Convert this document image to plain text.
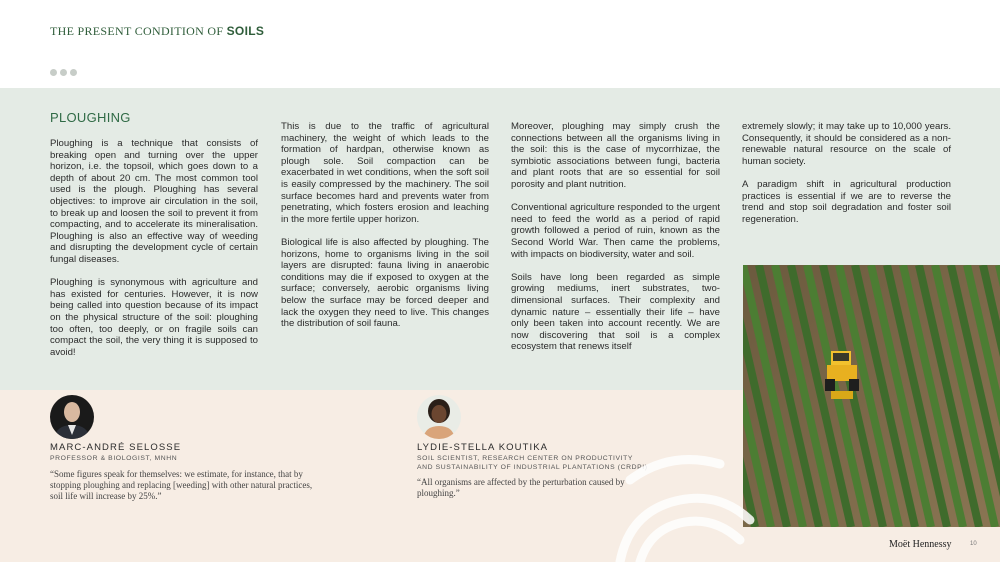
THE PRESENT CONDITION OF SOILS
PLOUGHING

Ploughing is a technique that consists of breaking open and turning over the upper horizon, i.e. the topsoil, which goes down to a depth of about 20 cm. The most common tool used is the plough. Ploughing has several objectives: to improve air circulation in the soil, to break up and loosen the soil to prevent it from compacting, and to accelerate its mineralisation. Ploughing is also an effective way of weeding and disrupting the development cycle of certain fungal diseases.

Ploughing is synonymous with agriculture and has existed for centuries. However, it is now being called into question because of its impact on the physical structure of the soil: ploughing too often, too deeply, or on fragile soils can compact the soil, the very thing it is supposed to avoid!

This is due to the traffic of agricultural machinery, the weight of which leads to the formation of hardpan, otherwise known as plough sole. Soil compaction can be exacerbated in wet conditions, when the soft soil is easily compressed by the machinery. The soil surface becomes hard and prevents water from penetrating, which fosters erosion and leaching in the more fertile upper horizon.

Biological life is also affected by ploughing. The horizons, home to organisms living in the soil layers are disrupted: fauna living in anaerobic conditions may die if exposed to oxygen at the surface; conversely, aerobic organisms living below the surface may be forced deeper and lack the oxygen they need to live. This changes the distribution of soil fauna.

Moreover, ploughing may simply crush the connections between all the organisms living in the soil: this is the case of mycorrhizae, the symbiotic associations between fungi, bacteria and plant roots that are so essential for soil porosity and plant nutrition.

Conventional agriculture responded to the urgent need to feed the world as a period of rapid growth followed a period of ruin, known as the Second World War. Then came the problems, with impacts on biodiversity, water and soil.

Soils have long been regarded as simple growing mediums, inert substrates, two-dimensional surfaces. Their complexity and dynamic nature – essentially their life – have only been taken into account recently. We are now discovering that soil is a complex ecosystem that renews itself

extremely slowly; it may take up to 10,000 years. Consequently, it should be considered as a non-renewable natural resource on the scale of human society.

A paradigm shift in agricultural production practices is essential if we are to reverse the trend and stop soil degradation and foster soil regeneration.

MARC-ANDRÉ SELOSSE

PROFESSOR & BIOLOGIST, MNHN

“Some figures speak for themselves: we estimate, for instance, that by stopping ploughing and replacing [weeding] with other natural practices, soil life will increase by 25%.”

LYDIE-STELLA KOUTIKA

SOIL SCIENTIST, RESEARCH CENTER ON PRODUCTIVITY
AND SUSTAINABILITY OF INDUSTRIAL PLANTATIONS (CRDPI)

“All organisms are affected by the perturbation caused by ploughing.”

Moët Hennessy	10
